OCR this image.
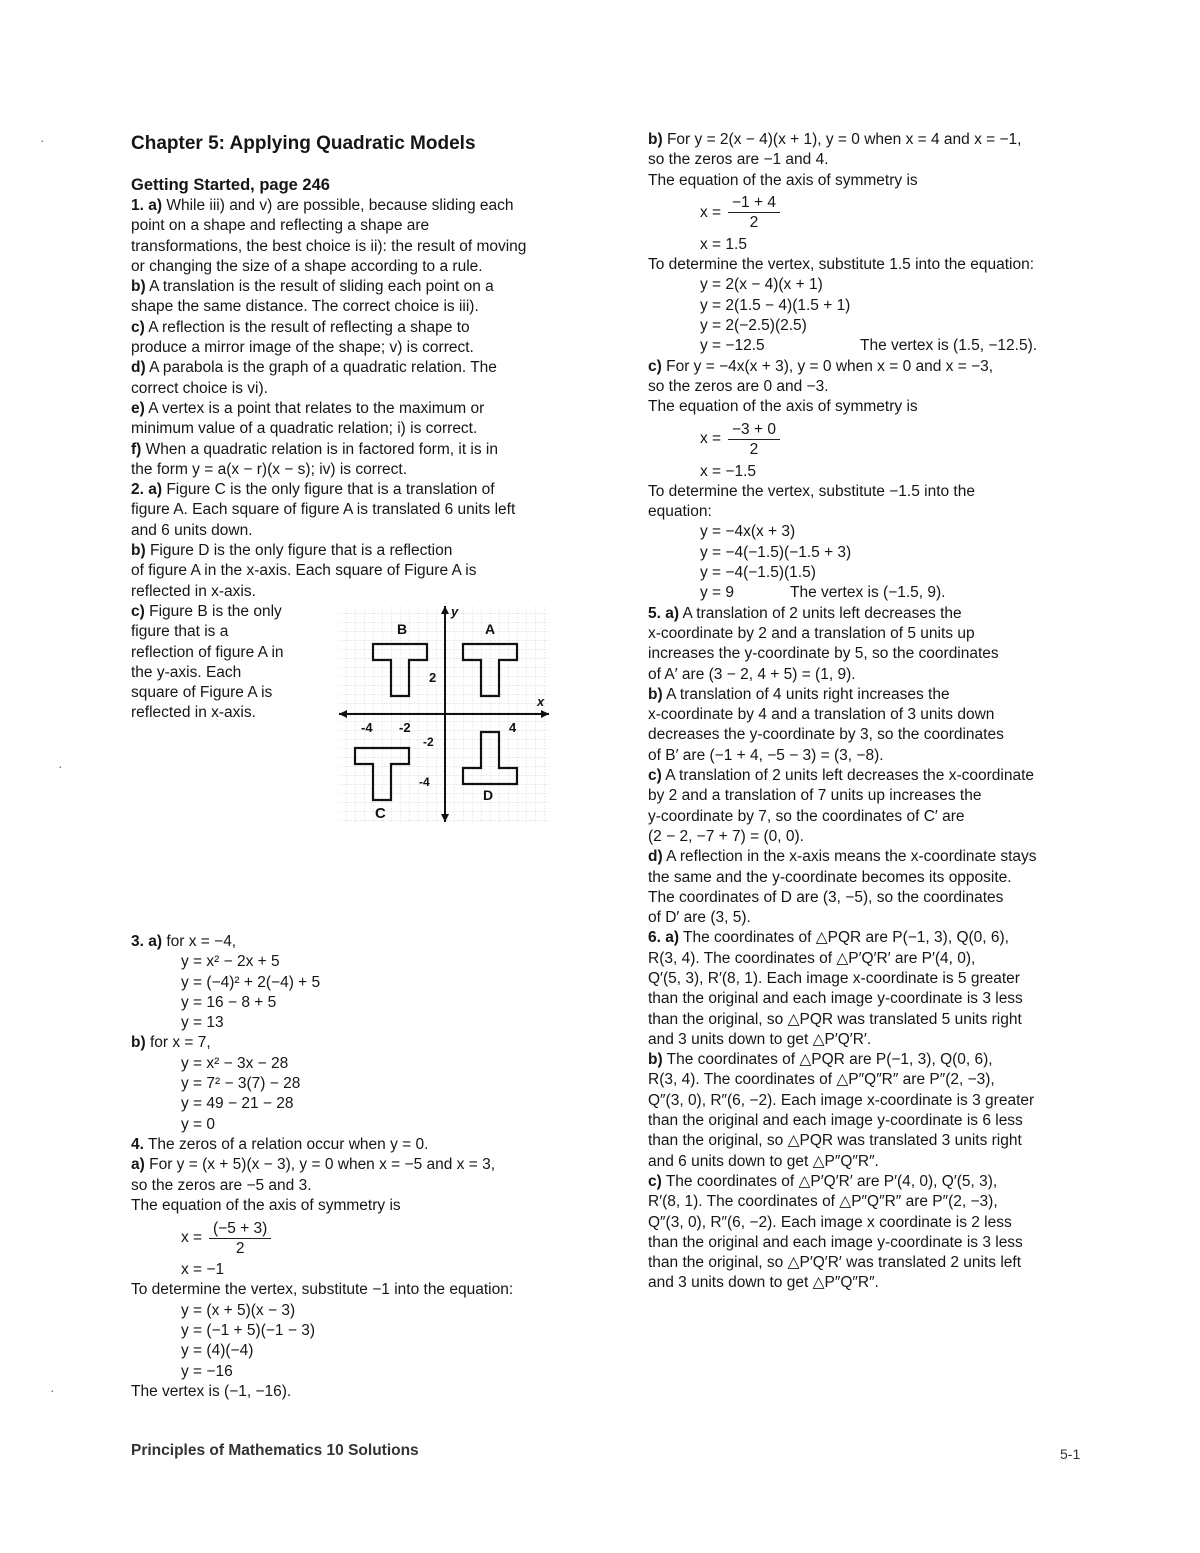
Chapter 5: Applying Quadratic Models
Getting Started, page 246
1. a) While iii) and v) are possible, because sliding each
point on a shape and reflecting a shape are
transformations, the best choice is ii): the result of moving
or changing the size of a shape according to a rule.
b) A translation is the result of sliding each point on a
shape the same distance. The correct choice is iii).
c) A reflection is the result of reflecting a shape to
produce a mirror image of the shape; v) is correct.
d) A parabola is the graph of a quadratic relation. The
correct choice is vi).
e) A vertex is a point that relates to the maximum or
minimum value of a quadratic relation; i) is correct.
f) When a quadratic relation is in factored form, it is in
the form y = a(x − r)(x − s); iv) is correct.
2. a) Figure C is the only figure that is a translation of
figure A. Each square of figure A is translated 6 units left
and 6 units down.
b) Figure D is the only figure that is a reflection
of figure A in the x-axis. Each square of Figure A is
reflected in x-axis.
c) Figure B is the only
figure that is a
reflection of figure A in
the y-axis. Each
square of Figure A is
reflected in x-axis.
B	A
C
D
x
y
2
-4 -2
-2
4
-4
3. a) for x = −4,
y = x² − 2x + 5
y = (−4)² + 2(−4) + 5
y = 16 − 8 + 5
y = 13
b) for x = 7,
y = x² − 3x − 28
y = 7² − 3(7) − 28
y = 49 − 21 − 28
y = 0
4. The zeros of a relation occur when y = 0.
a) For y = (x + 5)(x − 3), y = 0 when x = −5 and x = 3,
so the zeros are −5 and 3.
The equation of the axis of symmetry is
$x = \frac{(-5 + 3)}{2}$
x = −1
To determine the vertex, substitute −1 into the equation:
y = (x + 5)(x − 3)
y = (−1 + 5)(−1 − 3)
y = (4)(−4)
y = −16
The vertex is (−1, −16).
b) For y = 2(x − 4)(x + 1), y = 0 when x = 4 and x = −1,
so the zeros are −1 and 4.
The equation of the axis of symmetry is
$x = \frac{-1 + 4}{2}$
x = 1.5
To determine the vertex, substitute 1.5 into the equation:
y = 2(x − 4)(x + 1)
y = 2(1.5 − 4)(1.5 + 1)
y = 2(−2.5)(2.5)
y = −12.5	The vertex is (1.5, −12.5).
c) For y = −4x(x + 3), y = 0 when x = 0 and x = −3,
so the zeros are 0 and −3.
The equation of the axis of symmetry is
$x = \frac{-3 + 0}{2}$
x = −1.5
To determine the vertex, substitute −1.5 into the
equation:
y = −4x(x + 3)
y = −4(−1.5)(−1.5 + 3)
y = −4(−1.5)(1.5)
y = 9	The vertex is (−1.5, 9).
5. a) A translation of 2 units left decreases the
x-coordinate by 2 and a translation of 5 units up
increases the y-coordinate by 5, so the coordinates
of A′ are (3 − 2, 4 + 5) = (1, 9).
b) A translation of 4 units right increases the
x-coordinate by 4 and a translation of 3 units down
decreases the y-coordinate by 3, so the coordinates
of B′ are (−1 + 4, −5 − 3) = (3, −8).
c) A translation of 2 units left decreases the x-coordinate
by 2 and a translation of 7 units up increases the
y-coordinate by 7, so the coordinates of C′ are
(2 − 2, −7 + 7) = (0, 0).
d) A reflection in the x-axis means the x-coordinate stays
the same and the y-coordinate becomes its opposite.
The coordinates of D are (3, −5), so the coordinates
of D′ are (3, 5).
6. a) The coordinates of △PQR are P(−1, 3), Q(0, 6),
R(3, 4). The coordinates of △P′Q′R′ are P′(4, 0),
Q′(5, 3), R′(8, 1). Each image x-coordinate is 5 greater
than the original and each image y-coordinate is 3 less
than the original, so △PQR was translated 5 units right
and 3 units down to get △P′Q′R′.
b) The coordinates of △PQR are P(−1, 3), Q(0, 6),
R(3, 4). The coordinates of △P″Q″R″ are P″(2, −3),
Q″(3, 0), R″(6, −2). Each image x-coordinate is 3 greater
than the original and each image y-coordinate is 6 less
than the original, so △PQR was translated 3 units right
and 6 units down to get △P″Q″R″.
c) The coordinates of △P′Q′R′ are P′(4, 0), Q′(5, 3),
R′(8, 1). The coordinates of △P″Q″R″ are P″(2, −3),
Q″(3, 0), R″(6, −2). Each image x coordinate is 2 less
than the original and each image y-coordinate is 3 less
than the original, so △P′Q′R′ was translated 2 units left
and 3 units down to get △P″Q″R″.
Principles of Mathematics 10 Solutions	5-1
·
·
·
